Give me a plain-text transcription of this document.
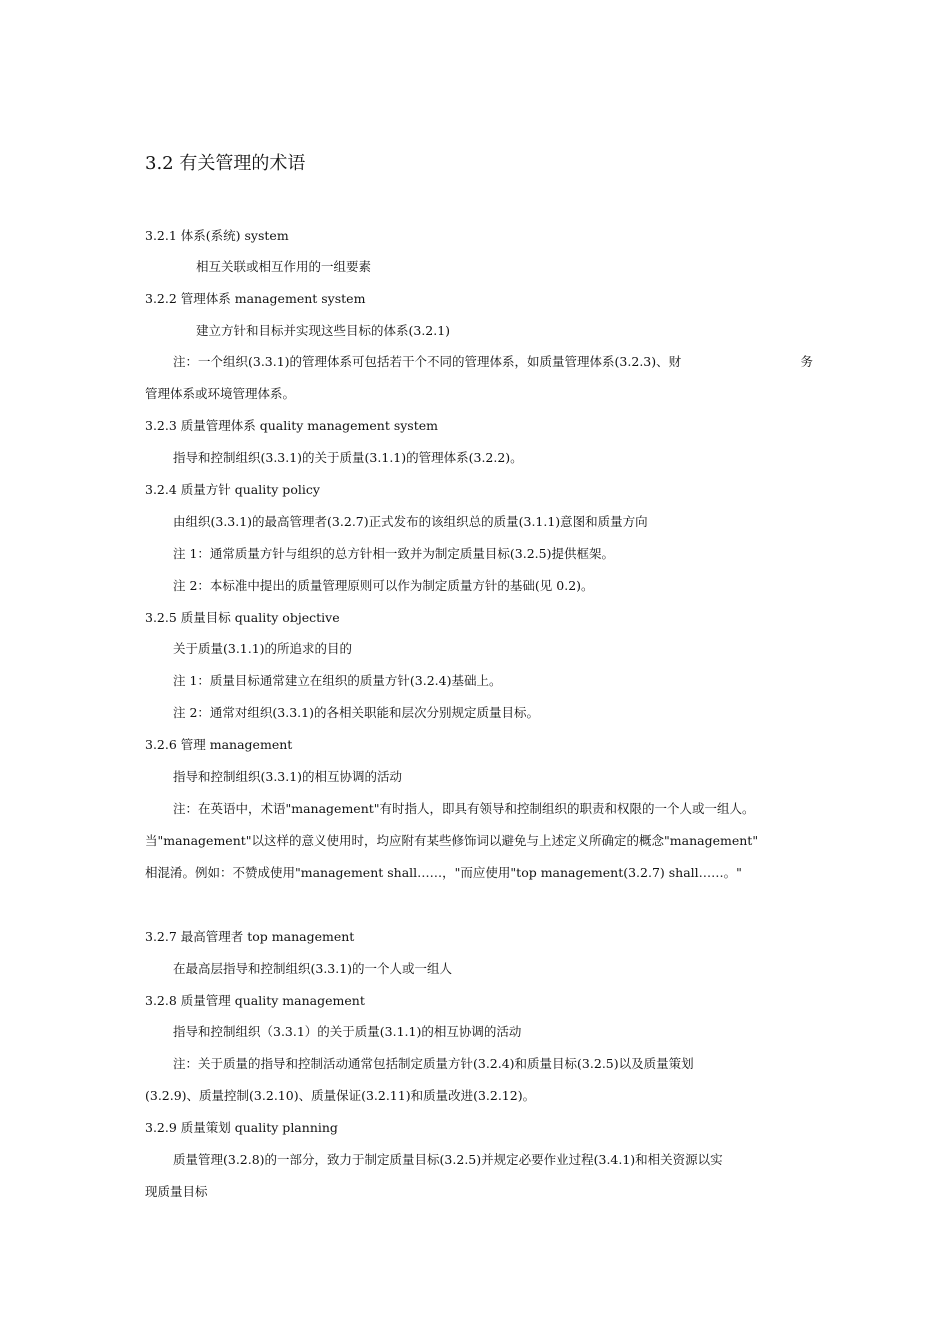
3.2 有关管理的术语
3.2.1 体系(系统) system
相互关联或相互作用的一组要素
3.2.2 管理体系 management system
建立方针和目标并实现这些目标的体系(3.2.1)
注：一个组织(3.3.1)的管理体系可包括若干个不同的管理体系，如质量管理体系(3.2.3)、财	务
管理体系或环境管理体系。
3.2.3 质量管理体系 quality management system
指导和控制组织(3.3.1)的关于质量(3.1.1)的管理体系(3.2.2)。
3.2.4 质量方针 quality policy
由组织(3.3.1)的最高管理者(3.2.7)正式发布的该组织总的质量(3.1.1)意图和质量方向
注 1：通常质量方针与组织的总方针相一致并为制定质量目标(3.2.5)提供框架。
注 2：本标准中提出的质量管理原则可以作为制定质量方针的基础(见 0.2)。
3.2.5 质量目标 quality objective
关于质量(3.1.1)的所追求的目的
注 1：质量目标通常建立在组织的质量方针(3.2.4)基础上。
注 2：通常对组织(3.3.1)的各相关职能和层次分别规定质量目标。
3.2.6 管理 management
指导和控制组织(3.3.1)的相互协调的活动
注：在英语中，术语"management"有时指人，即具有领导和控制组织的职责和权限的一个人或一组人。
当"management"以这样的意义使用时，均应附有某些修饰词以避免与上述定义所确定的概念"management"
相混淆。例如：不赞成使用"management shall……，"而应使用"top management(3.2.7) shall……。"
3.2.7 最高管理者 top management
在最高层指导和控制组织(3.3.1)的一个人或一组人
3.2.8 质量管理 quality management
指导和控制组织（3.3.1）的关于质量(3.1.1)的相互协调的活动
注：关于质量的指导和控制活动通常包括制定质量方针(3.2.4)和质量目标(3.2.5)以及质量策划
(3.2.9)、质量控制(3.2.10)、质量保证(3.2.11)和质量改进(3.2.12)。
3.2.9 质量策划 quality planning
质量管理(3.2.8)的一部分，致力于制定质量目标(3.2.5)并规定必要作业过程(3.4.1)和相关资源以实
现质量目标
